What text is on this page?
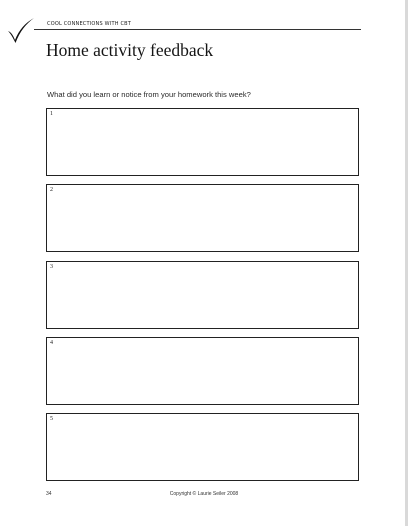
COOL CONNECTIONS WITH CBT
Home activity feedback
What did you learn or notice from your homework this week?
1
2
3
4
5
Copyright © Laurie Seiler 2008
34
